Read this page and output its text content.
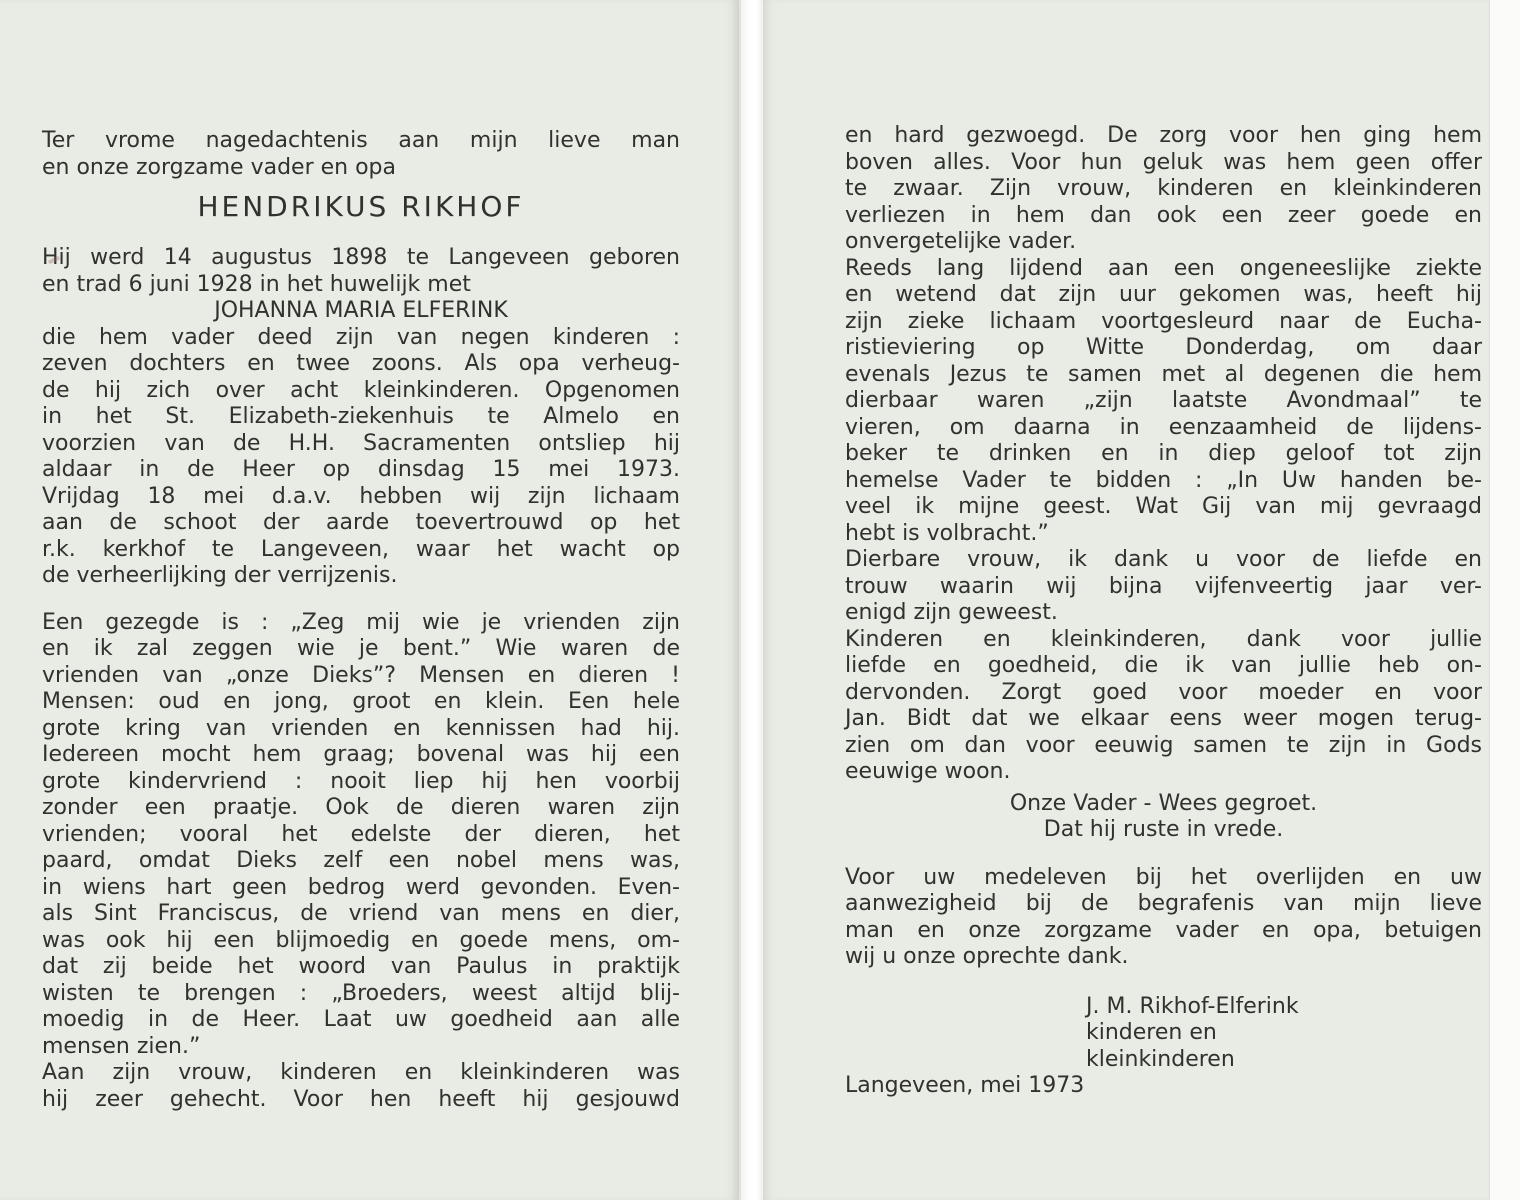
Ter vrome nagedachtenis aan mijn lieve man
en onze zorgzame vader en opa
HENDRIKUS RIKHOF
Hij werd 14 augustus 1898 te Langeveen geboren
en trad 6 juni 1928 in het huwelijk met
JOHANNA MARIA ELFERINK
die hem vader deed zijn van negen kinderen :
zeven dochters en twee zoons. Als opa verheug-
de hij zich over acht kleinkinderen. Opgenomen
in het St. Elizabeth-ziekenhuis te Almelo en
voorzien van de H.H. Sacramenten ontsliep hij
aldaar in de Heer op dinsdag 15 mei 1973.
Vrijdag 18 mei d.a.v. hebben wij zijn lichaam
aan de schoot der aarde toevertrouwd op het
r.k. kerkhof te Langeveen, waar het wacht op
de verheerlijking der verrijzenis.
Een gezegde is : „Zeg mij wie je vrienden zijn
en ik zal zeggen wie je bent.” Wie waren de
vrienden van „onze Dieks”? Mensen en dieren !
Mensen: oud en jong, groot en klein. Een hele
grote kring van vrienden en kennissen had hij.
Iedereen mocht hem graag; bovenal was hij een
grote kindervriend : nooit liep hij hen voorbij
zonder een praatje. Ook de dieren waren zijn
vrienden; vooral het edelste der dieren, het
paard, omdat Dieks zelf een nobel mens was,
in wiens hart geen bedrog werd gevonden. Even-
als Sint Franciscus, de vriend van mens en dier,
was ook hij een blijmoedig en goede mens, om-
dat zij beide het woord van Paulus in praktijk
wisten te brengen : „Broeders, weest altijd blij-
moedig in de Heer. Laat uw goedheid aan alle
mensen zien.”
Aan zijn vrouw, kinderen en kleinkinderen was
hij zeer gehecht. Voor hen heeft hij gesjouwd
en hard gezwoegd. De zorg voor hen ging hem
boven alles. Voor hun geluk was hem geen offer
te zwaar. Zijn vrouw, kinderen en kleinkinderen
verliezen in hem dan ook een zeer goede en
onvergetelijke vader.
Reeds lang lijdend aan een ongeneeslijke ziekte
en wetend dat zijn uur gekomen was, heeft hij
zijn zieke lichaam voortgesleurd naar de Eucha-
ristieviering op Witte Donderdag, om daar
evenals Jezus te samen met al degenen die hem
dierbaar waren „zijn laatste Avondmaal” te
vieren, om daarna in eenzaamheid de lijdens-
beker te drinken en in diep geloof tot zijn
hemelse Vader te bidden : „In Uw handen be-
veel ik mijne geest. Wat Gij van mij gevraagd
hebt is volbracht.”
Dierbare vrouw, ik dank u voor de liefde en
trouw waarin wij bijna vijfenveertig jaar ver-
enigd zijn geweest.
Kinderen en kleinkinderen, dank voor jullie
liefde en goedheid, die ik van jullie heb on-
dervonden. Zorgt goed voor moeder en voor
Jan. Bidt dat we elkaar eens weer mogen terug-
zien om dan voor eeuwig samen te zijn in Gods
eeuwige woon.
Onze Vader - Wees gegroet.
Dat hij ruste in vrede.
Voor uw medeleven bij het overlijden en uw
aanwezigheid bij de begrafenis van mijn lieve
man en onze zorgzame vader en opa, betuigen
wij u onze oprechte dank.
J. M. Rikhof-Elferink
kinderen en
kleinkinderen
Langeveen, mei 1973
